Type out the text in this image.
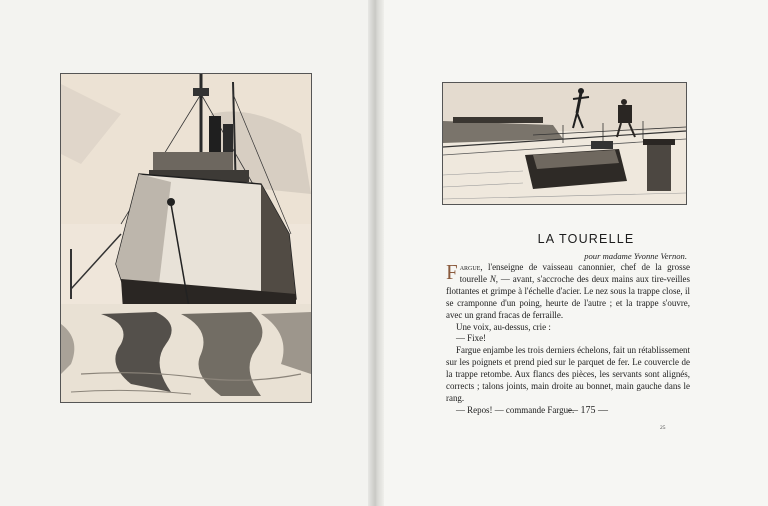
LA TOURELLE
pour madame Yvonne Vernon.

Fargue, l'enseigne de vaisseau canonnier, chef de la grosse tourelle N, — avant, s'accroche des deux mains aux tire-veilles flottantes et grimpe à l'échelle d'acier. Le nez sous la trappe close, il se cramponne d'un poing, heurte de l'autre ; et la trappe s'ouvre, avec un grand fracas de ferraille.

Une voix, au-dessus, crie :

— Fixe!

Fargue enjambe les trois derniers échelons, fait un rétablissement sur les poignets et prend pied sur le parquet de fer. Le couvercle de la trappe retombe. Aux flancs des pièces, les servants sont alignés, corrects ; talons joints, main droite au bonnet, main gauche dans le rang.

— Repos! — commande Fargue.

— 175 —
25
